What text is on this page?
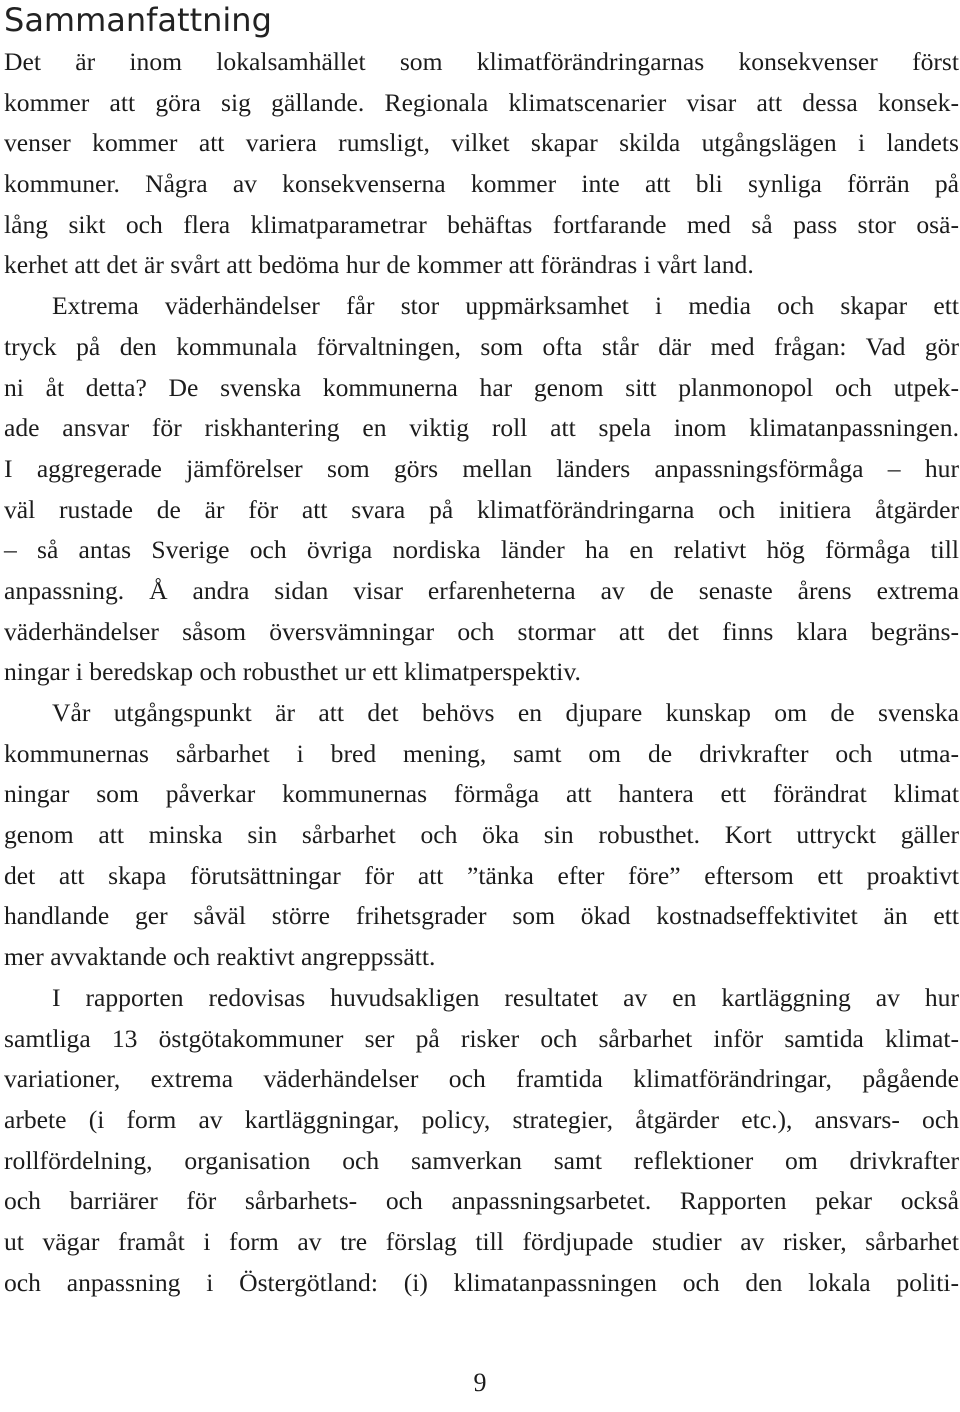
Sammanfattning
Det är inom lokalsamhället som klimatförändringarnas konsekvenser först
kommer att göra sig gällande. Regionala klimatscenarier visar att dessa konsek-
venser kommer att variera rumsligt, vilket skapar skilda utgångslägen i landets
kommuner. Några av konsekvenserna kommer inte att bli synliga förrän på
lång sikt och flera klimatparametrar behäftas fortfarande med så pass stor osä-
kerhet att det är svårt att bedöma hur de kommer att förändras i vårt land.
Extrema väderhändelser får stor uppmärksamhet i media och skapar ett
tryck på den kommunala förvaltningen, som ofta står där med frågan: Vad gör
ni åt detta? De svenska kommunerna har genom sitt planmonopol och utpek-
ade ansvar för riskhantering en viktig roll att spela inom klimatanpassningen.
I aggregerade jämförelser som görs mellan länders anpassningsförmåga – hur
väl rustade de är för att svara på klimatförändringarna och initiera åtgärder
– så antas Sverige och övriga nordiska länder ha en relativt hög förmåga till
anpassning. Å andra sidan visar erfarenheterna av de senaste årens extrema
väderhändelser såsom översvämningar och stormar att det finns klara begräns-
ningar i beredskap och robusthet ur ett klimatperspektiv.
Vår utgångspunkt är att det behövs en djupare kunskap om de svenska
kommunernas sårbarhet i bred mening, samt om de drivkrafter och utma-
ningar som påverkar kommunernas förmåga att hantera ett förändrat klimat
genom att minska sin sårbarhet och öka sin robusthet. Kort uttryckt gäller
det att skapa förutsättningar för att ”tänka efter före” eftersom ett proaktivt
handlande ger såväl större frihetsgrader som ökad kostnadseffektivitet än ett
mer avvaktande och reaktivt angreppssätt.
I rapporten redovisas huvudsakligen resultatet av en kartläggning av hur
samtliga 13 östgötakommuner ser på risker och sårbarhet inför samtida klimat-
variationer, extrema väderhändelser och framtida klimatförändringar, pågående
arbete (i form av kartläggningar, policy, strategier, åtgärder etc.), ansvars- och
rollfördelning, organisation och samverkan samt reflektioner om drivkrafter
och barriärer för sårbarhets- och anpassningsarbetet. Rapporten pekar också
ut vägar framåt i form av tre förslag till fördjupade studier av risker, sårbarhet
och anpassning i Östergötland: (i) klimatanpassningen och den lokala politi-
9
